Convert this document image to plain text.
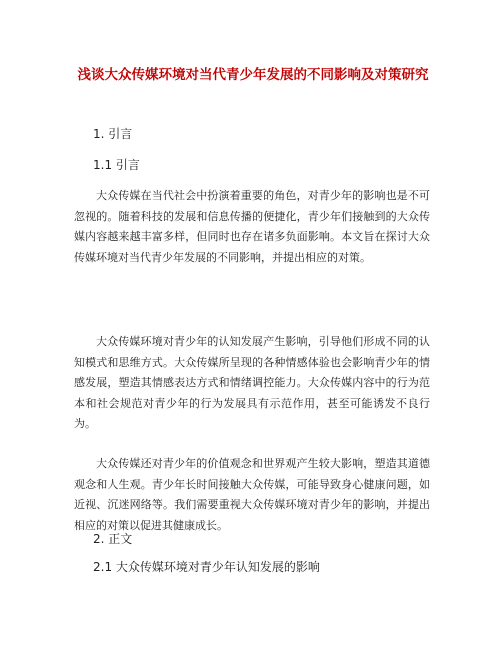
浅谈大众传媒环境对当代青少年发展的不同影响及对策研究
1. 引言
1.1 引言

大众传媒在当代社会中扮演着重要的角色，对青少年的影响也是不可忽视的。随着科技的发展和信息传播的便捷化，青少年们接触到的大众传媒内容越来越丰富多样，但同时也存在诸多负面影响。本文旨在探讨大众传媒环境对当代青少年发展的不同影响，并提出相应的对策。

大众传媒环境对青少年的认知发展产生影响，引导他们形成不同的认知模式和思维方式。大众传媒所呈现的各种情感体验也会影响青少年的情感发展，塑造其情感表达方式和情绪调控能力。大众传媒内容中的行为范本和社会规范对青少年的行为发展具有示范作用，甚至可能诱发不良行为。

大众传媒还对青少年的价值观念和世界观产生较大影响，塑造其道德观念和人生观。青少年长时间接触大众传媒，可能导致身心健康问题，如近视、沉迷网络等。我们需要重视大众传媒环境对青少年的影响，并提出相应的对策以促进其健康成长。

2. 正文
2.1 大众传媒环境对青少年认知发展的影响
